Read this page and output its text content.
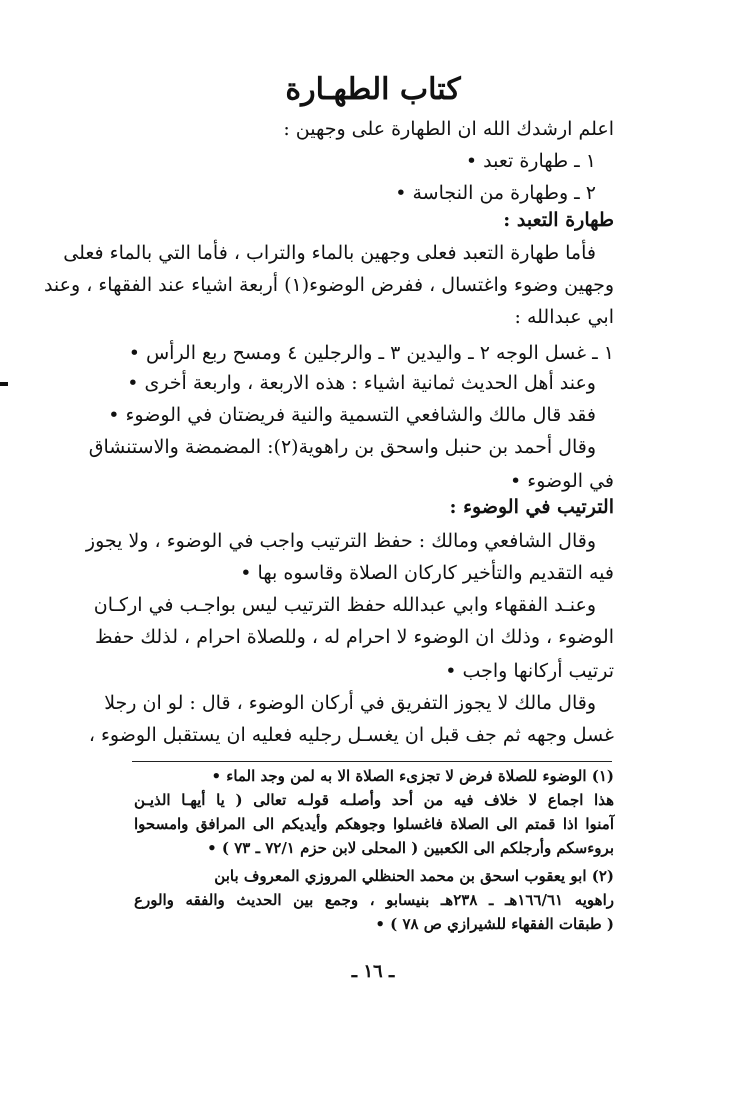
كتاب الطهـارة
اعلم ارشدك الله ان الطهارة على وجهين :
١ ـ طهارة تعبد •
٢ ـ وطهارة من النجاسة •
طهارة التعبد :
فأما طهارة التعبد فعلى وجهين بالماء والتراب ، فأما التي بالماء فعلى
وجهين وضوء واغتسال ، ففرض الوضوء(١) أربعة اشياء عند الفقهاء ، وعند
ابي عبدالله :
١ ـ غسل الوجه ٢ ـ واليدين ٣ ـ والرجلين ٤ ومسح ربع الرأس •
وعند أهل الحديث ثمانية اشياء : هذه الاربعة ، واربعة أخرى •
فقد قال مالك والشافعي التسمية والنية فريضتان في الوضوء •
وقال أحمد بن حنبل واسحق بن راهوية(٢): المضمضة والاستنشاق
في الوضوء •
الترتيب في الوضوء :
وقال الشافعي ومالك : حفظ الترتيب واجب في الوضوء ، ولا يجوز
فيه التقديم والتأخير كاركان الصلاة وقاسوه بها •
وعنـد الفقهاء وابي عبدالله حفظ الترتيب ليس بواجـب في اركـان
الوضوء ، وذلك ان الوضوء لا احرام له ، وللصلاة احرام ، لذلك حفظ
ترتيب أركانها واجب •
وقال مالك لا يجوز التفريق في أركان الوضوء ، قال : لو ان رجلا
غسل وجهه ثم جف قبل ان يغسـل رجليه فعليه ان يستقبل الوضوء ،
(١) الوضوء للصلاة فرض لا تجزىء الصلاة الا به لمن وجد الماء •
هذا اجماع لا خلاف فيه من أحد وأصلـه قولـه تعالى ( يا أيهـا الذيـن
آمنوا اذا قمتم الى الصلاة فاغسلوا وجوهكم وأيديكم الى المرافق وامسحوا
بروءسكم وأرجلكم الى الكعبين ( المحلى لابن حزم ٧٢/١ ـ ٧٣ ) •
(٢) ابو يعقوب اسحق بن محمد الحنظلي المروزي المعروف بابن
راهويه ١٦٦/٦١هـ ـ ٢٣٨هـ بنيسابو ، وجمع بين الحديث والفقه والورع
( طبقات الفقهاء للشيرازي ص ٧٨ ) •
ـ ١٦ ـ
